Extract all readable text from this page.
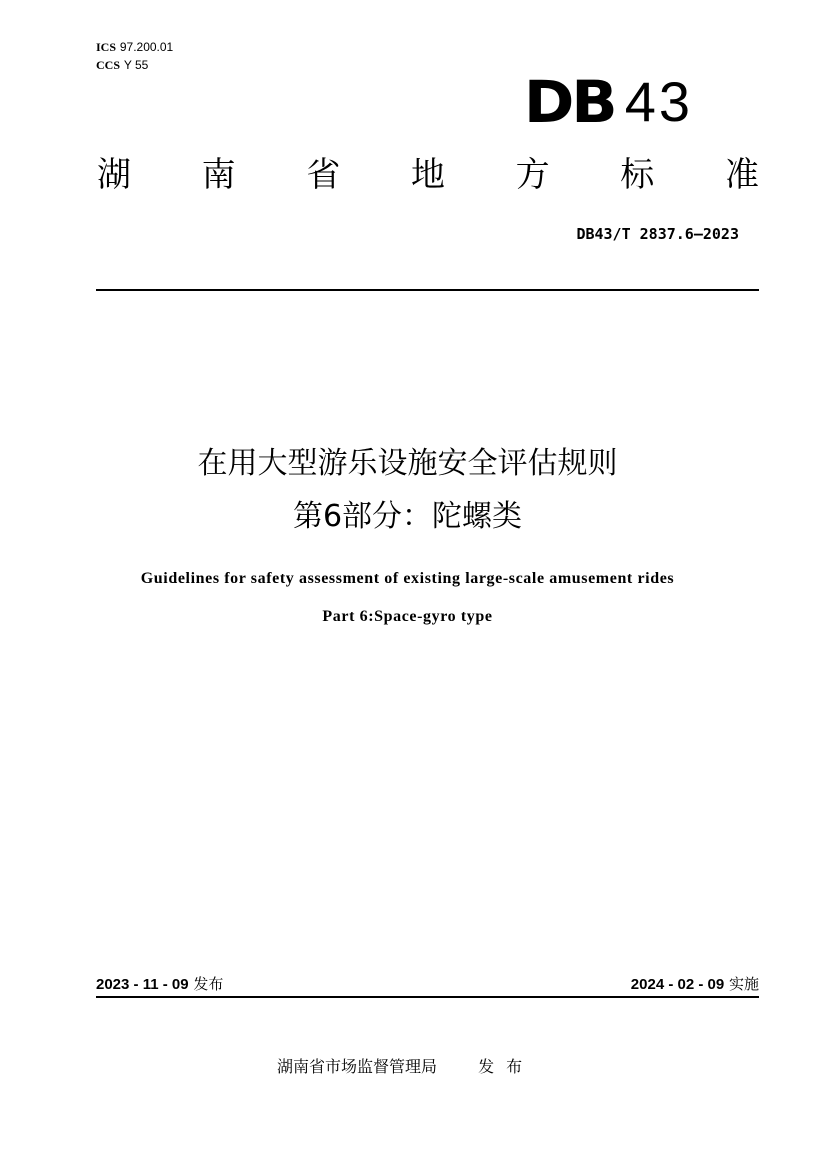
ICS 97.200.01
CCS Y 55
DB 43
湖 南 省 地 方 标 准
DB43/T 2837.6—2023
在用大型游乐设施安全评估规则
第6部分：陀螺类
Guidelines for safety assessment of existing large-scale amusement rides
Part 6:Space-gyro type
2023 - 11 - 09 发布	2024 - 02 - 09 实施
湖南省市场监督管理局	发布
